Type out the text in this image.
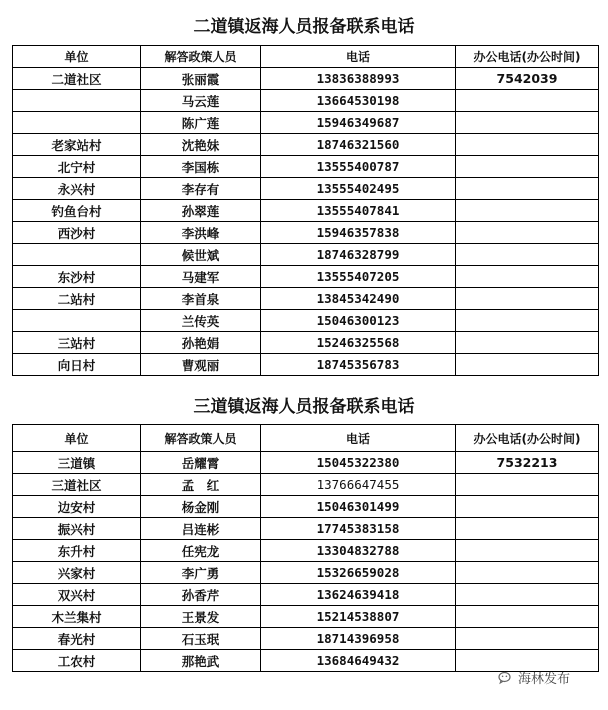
二道镇返海人员报备联系电话
单位	解答政策人员	电话	办公电话(办公时间)
二道社区	张丽霞	13836388993	7542039
	马云莲	13664530198	
	陈广莲	15946349687	
老家站村	沈艳妹	18746321560	
北宁村	李国栋	13555400787	
永兴村	李存有	13555402495	
钓鱼台村	孙翠莲	13555407841	
西沙村	李洪峰	15946357838	
	候世斌	18746328799	
东沙村	马建军	13555407205	
二站村	李首泉	13845342490	
	兰传英	15046300123	
三站村	孙艳娟	15246325568	
向日村	曹观丽	18745356783	
三道镇返海人员报备联系电话
单位	解答政策人员	电话	办公电话(办公时间)
三道镇	岳耀霄	15045322380	7532213
三道社区	孟　红	13766647455	
边安村	杨金刚	15046301499	
振兴村	吕连彬	17745383158	
东升村	任宪龙	13304832788	
兴家村	李广勇	15326659028	
双兴村	孙香芹	13624639418	
木兰集村	王景发	15214538807	
春光村	石玉珉	18714396958	
工农村	那艳武	13684649432	
海林发布
